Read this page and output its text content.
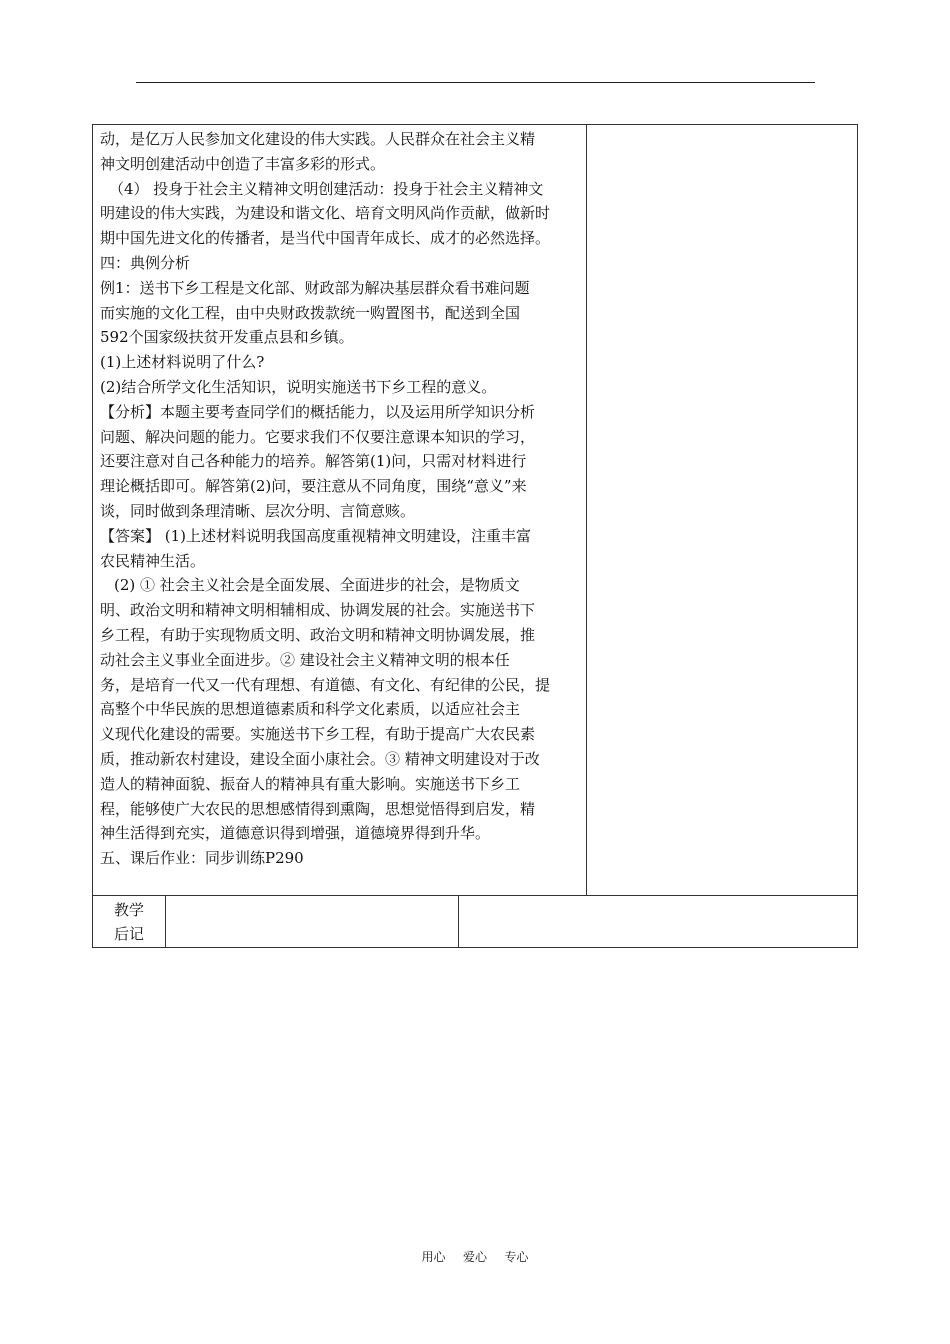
动，是亿万人民参加文化建设的伟大实践。人民群众在社会主义精
神文明创建活动中创造了丰富多彩的形式。
（4） 投身于社会主义精神文明创建活动：投身于社会主义精神文
明建设的伟大实践，为建设和谐文化、培育文明风尚作贡献，做新时
期中国先进文化的传播者，是当代中国青年成长、成才的必然选择。
四：典例分析
例1：送书下乡工程是文化部、财政部为解决基层群众看书难问题
而实施的文化工程，由中央财政拨款统一购置图书，配送到全国
592个国家级扶贫开发重点县和乡镇。
(1)上述材料说明了什么?
(2)结合所学文化生活知识，说明实施送书下乡工程的意义。
【分析】本题主要考查同学们的概括能力，以及运用所学知识分析
问题、解决问题的能力。它要求我们不仅要注意课本知识的学习，
还要注意对自己各种能力的培养。解答第(1)问，只需对材料进行
理论概括即可。解答第(2)问，要注意从不同角度，围绕“意义”来
谈，同时做到条理清晰、层次分明、言简意赅。
【答案】 (1)上述材料说明我国高度重视精神文明建设，注重丰富
农民精神生活。
(2) ① 社会主义社会是全面发展、全面进步的社会，是物质文
明、政治文明和精神文明相辅相成、协调发展的社会。实施送书下
乡工程，有助于实现物质文明、政治文明和精神文明协调发展，推
动社会主义事业全面进步。② 建设社会主义精神文明的根本任
务，是培育一代又一代有理想、有道德、有文化、有纪律的公民，提
高整个中华民族的思想道德素质和科学文化素质，以适应社会主
义现代化建设的需要。实施送书下乡工程，有助于提高广大农民素
质，推动新农村建设，建设全面小康社会。③ 精神文明建设对于改
造人的精神面貌、振奋人的精神具有重大影响。实施送书下乡工
程，能够使广大农民的思想感情得到熏陶，思想觉悟得到启发，精
神生活得到充实，道德意识得到增强，道德境界得到升华。
五、课后作业：同步训练P290
教学
后记
用心   爱心   专心
